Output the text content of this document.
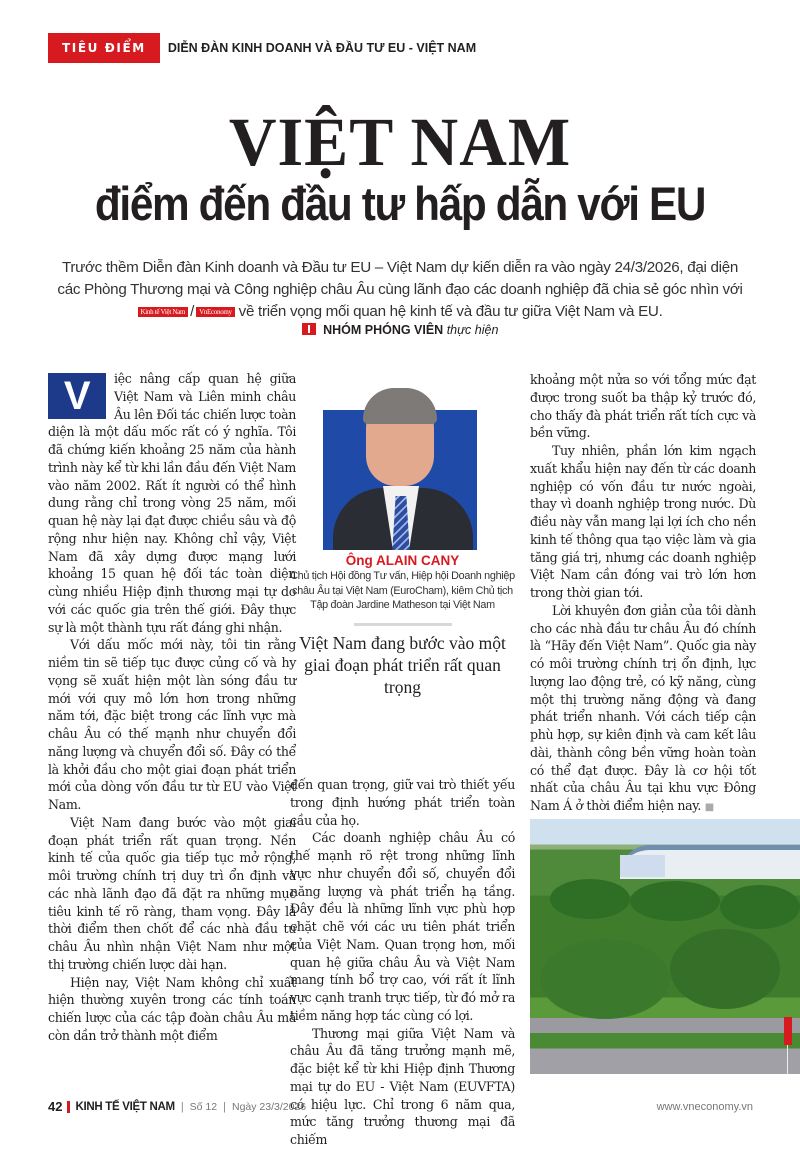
TIÊU ĐIỂM	DIỄN ĐÀN KINH DOANH VÀ ĐẦU TƯ EU - VIỆT NAM
VIỆT NAM
điểm đến đầu tư hấp dẫn với EU
Trước thềm Diễn đàn Kinh doanh và Đầu tư EU – Việt Nam dự kiến diễn ra vào ngày 24/3/2026, đại diện các Phòng Thương mại và Công nghiệp châu Âu cùng lãnh đạo các doanh nghiệp đã chia sẻ góc nhìn với
Kinh tế Việt Nam / VnEconomy về triển vọng mối quan hệ kinh tế và đầu tư giữa Việt Nam và EU.
NHÓM PHÓNG VIÊN thực hiện

V	iệc nâng cấp quan hệ giữa Việt Nam và Liên minh châu Âu lên Đối tác chiến lược toàn diện là một dấu mốc rất có ý nghĩa. Tôi đã chứng kiến khoảng 25 năm của hành trình này kể từ khi lần đầu đến Việt Nam vào năm 2002. Rất ít người có thể hình dung rằng chỉ trong vòng 25 năm, mối quan hệ này lại đạt được chiều sâu và độ rộng như hiện nay. Không chỉ vậy, Việt Nam đã xây dựng được mạng lưới khoảng 15 quan hệ đối tác toàn diện cùng nhiều Hiệp định thương mại tự do với các quốc gia trên thế giới. Đây thực sự là một thành tựu rất đáng ghi nhận.

Với dấu mốc mới này, tôi tin rằng niềm tin sẽ tiếp tục được củng cố và hy vọng sẽ xuất hiện một làn sóng đầu tư mới với quy mô lớn hơn trong những năm tới, đặc biệt trong các lĩnh vực mà châu Âu có thế mạnh như chuyển đổi năng lượng và chuyển đổi số. Đây có thể là khởi đầu cho một giai đoạn phát triển mới của dòng vốn đầu tư từ EU vào Việt Nam.

Việt Nam đang bước vào một giai đoạn phát triển rất quan trọng. Nền kinh tế của quốc gia tiếp tục mở rộng, môi trường chính trị duy trì ổn định và các nhà lãnh đạo đã đặt ra những mục tiêu kinh tế rõ ràng, tham vọng. Đây là thời điểm then chốt để các nhà đầu tư châu Âu nhìn nhận Việt Nam như một thị trường chiến lược dài hạn.

Hiện nay, Việt Nam không chỉ xuất hiện thường xuyên trong các tính toán chiến lược của các tập đoàn châu Âu mà còn dần trở thành một điểm

Ông ALAIN CANY
Chủ tịch Hội đồng Tư vấn, Hiệp hội Doanh nghiệp châu Âu tại Việt Nam (EuroCham), kiêm Chủ tịch Tập đoàn Jardine Matheson tại Việt Nam
Việt Nam đang bước vào một giai đoạn phát triển rất quan trọng

đến quan trọng, giữ vai trò thiết yếu trong định hướng phát triển toàn cầu của họ.

Các doanh nghiệp châu Âu có thế mạnh rõ rệt trong những lĩnh vực như chuyển đổi số, chuyển đổi năng lượng và phát triển hạ tầng. Đây đều là những lĩnh vực phù hợp chặt chẽ với các ưu tiên phát triển của Việt Nam. Quan trọng hơn, mối quan hệ giữa châu Âu và Việt Nam mang tính bổ trợ cao, với rất ít lĩnh vực cạnh tranh trực tiếp, từ đó mở ra tiềm năng hợp tác cùng có lợi.

Thương mại giữa Việt Nam và châu Âu đã tăng trưởng mạnh mẽ, đặc biệt kể từ khi Hiệp định Thương mại tự do EU - Việt Nam (EUVFTA) có hiệu lực. Chỉ trong 6 năm qua, mức tăng trưởng thương mại đã chiếm

khoảng một nửa so với tổng mức đạt được trong suốt ba thập kỷ trước đó, cho thấy đà phát triển rất tích cực và bền vững.

Tuy nhiên, phần lớn kim ngạch xuất khẩu hiện nay đến từ các doanh nghiệp có vốn đầu tư nước ngoài, thay vì doanh nghiệp trong nước. Dù điều này vẫn mang lại lợi ích cho nền kinh tế thông qua tạo việc làm và gia tăng giá trị, nhưng các doanh nghiệp Việt Nam cần đóng vai trò lớn hơn trong thời gian tới.

Lời khuyên đơn giản của tôi dành cho các nhà đầu tư châu Âu đó chính là “Hãy đến Việt Nam”. Quốc gia này có môi trường chính trị ổn định, lực lượng lao động trẻ, có kỹ năng, cùng một thị trường năng động và đang phát triển nhanh. Với cách tiếp cận phù hợp, sự kiên định và cam kết lâu dài, thành công bền vững hoàn toàn có thể đạt được. Đây là cơ hội tốt nhất của châu Âu tại khu vực Đông Nam Á ở thời điểm hiện nay. ■

42 KINH TẾ VIỆT NAM | Số 12 | Ngày 23/3/2026	www.vneconomy.vn
